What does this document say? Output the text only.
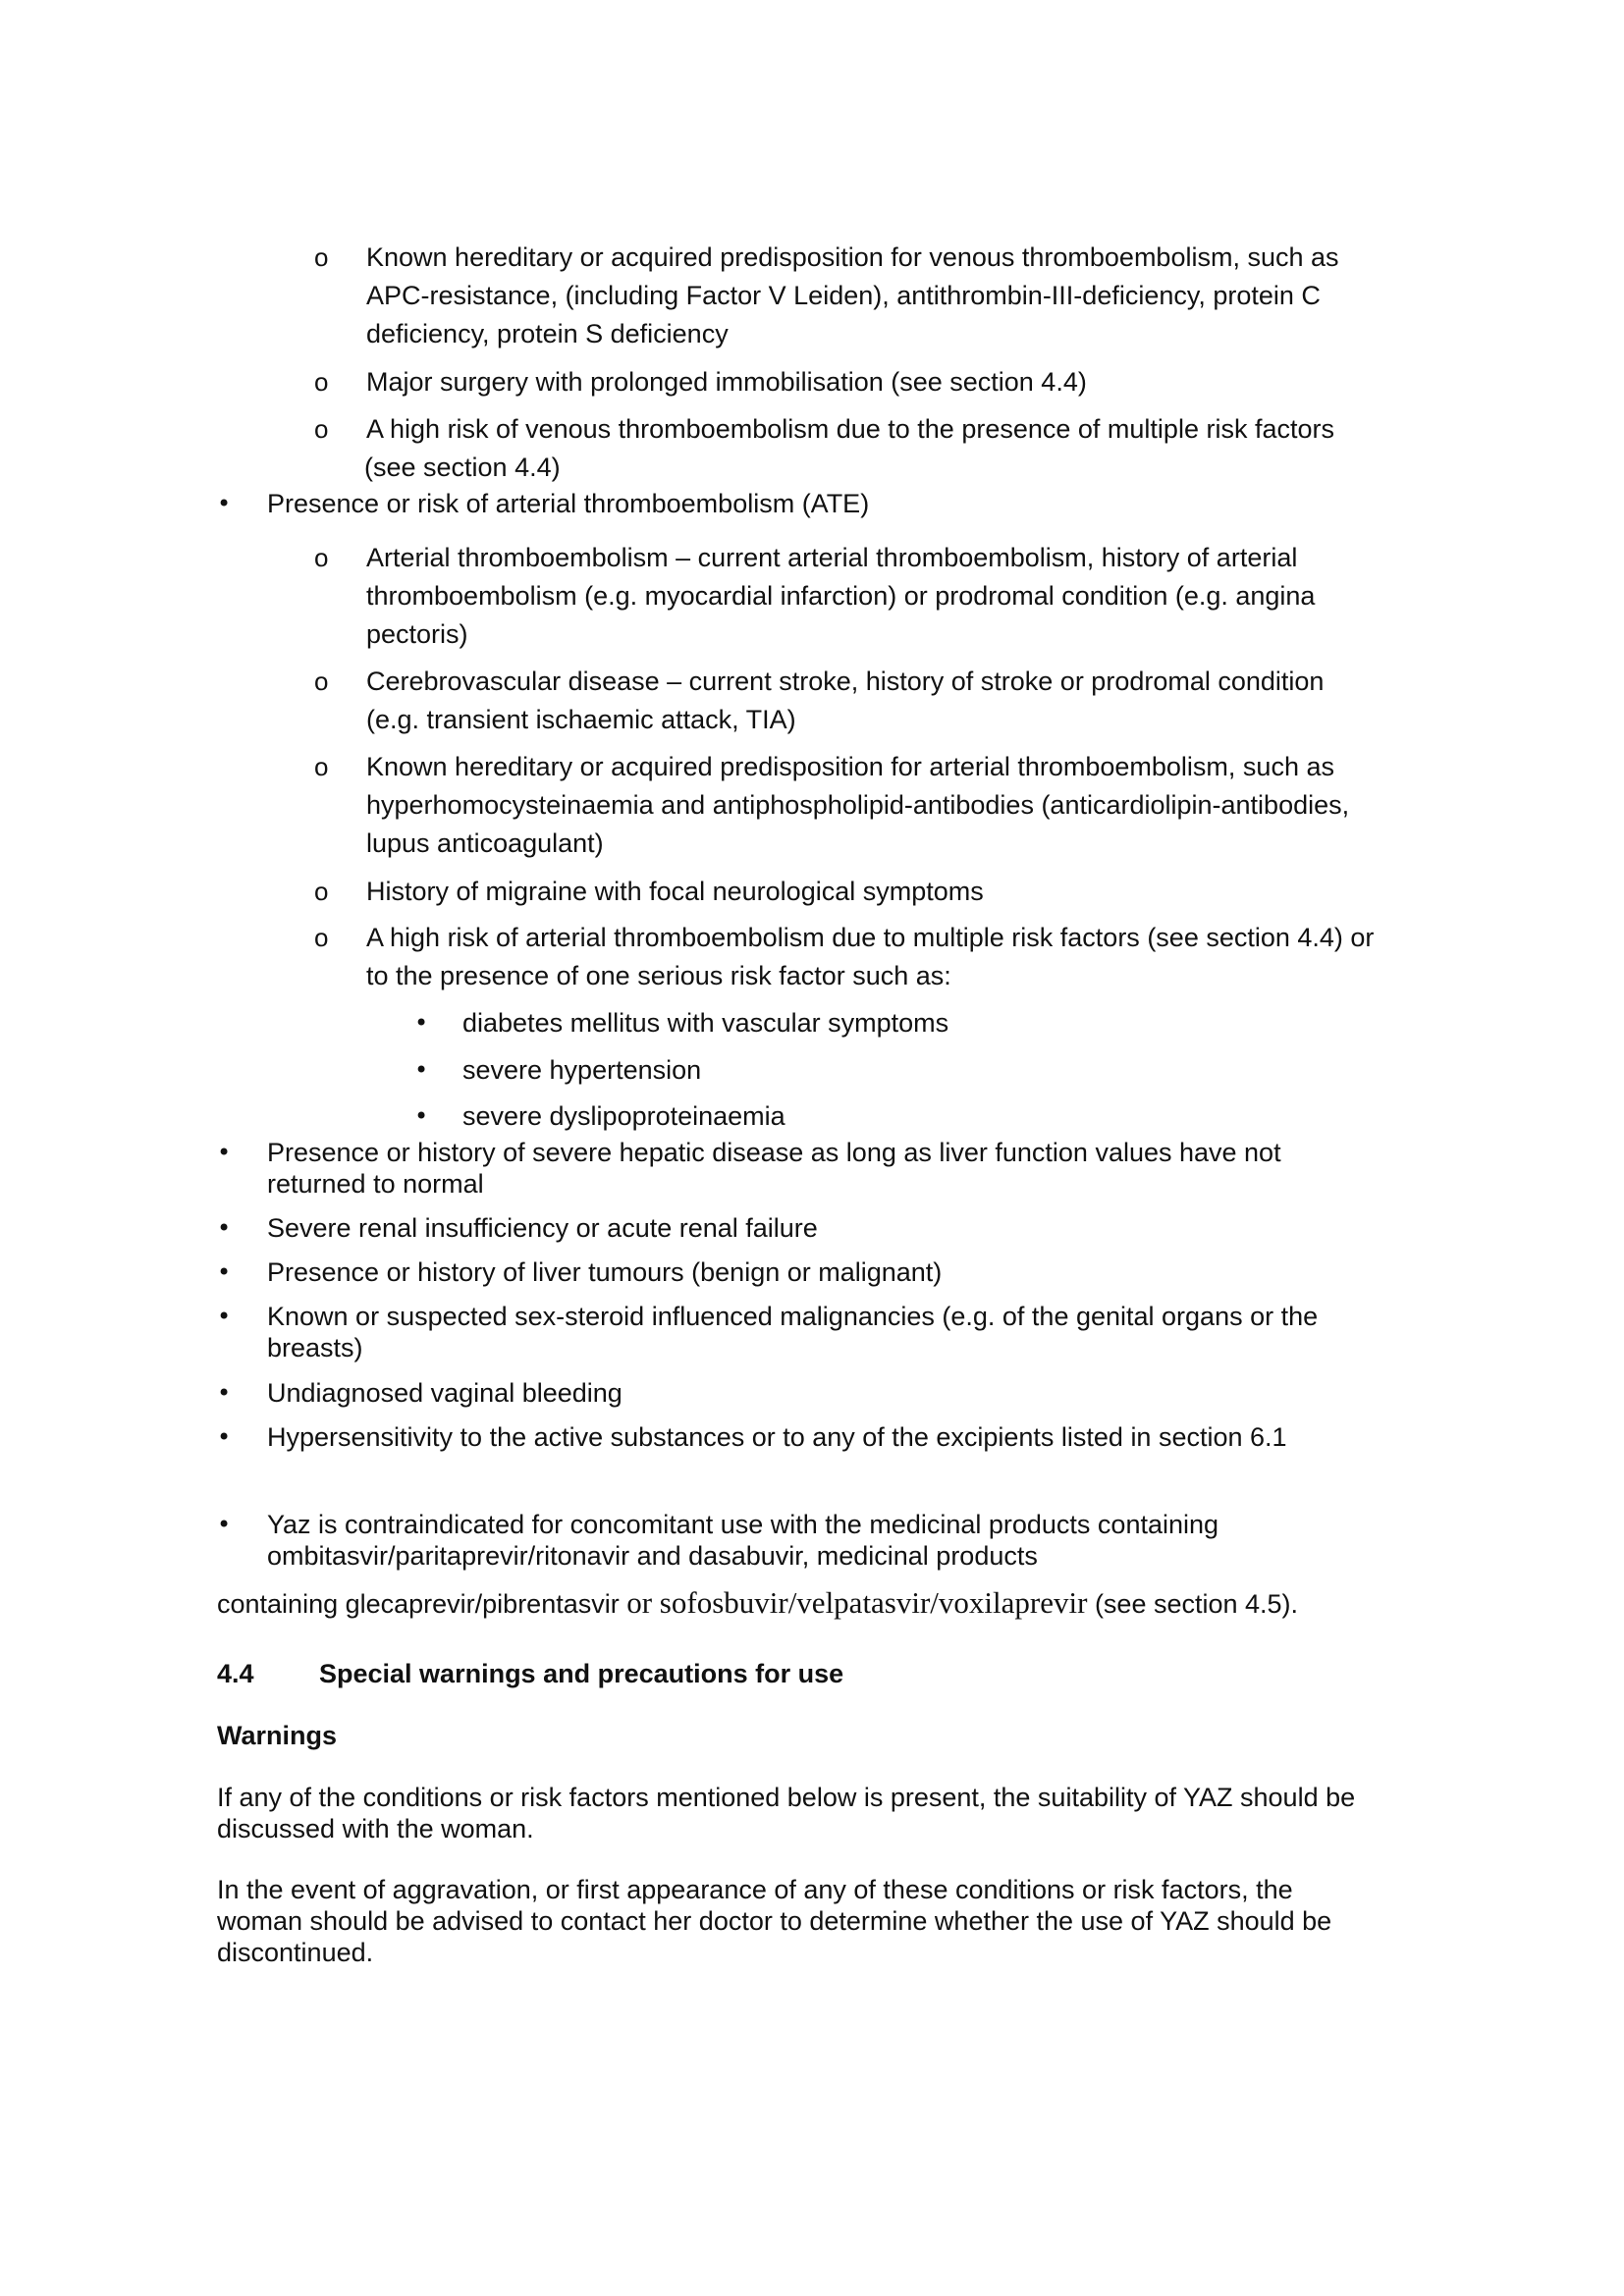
o Known hereditary or acquired predisposition for venous thromboembolism, such as

APC-resistance, (including Factor V Leiden), antithrombin-III-deficiency, protein C

deficiency, protein S deficiency

o Major surgery with prolonged immobilisation (see section 4.4)

o A high risk of venous thromboembolism due to the presence of multiple risk factors

(see section 4.4)

• Presence or risk of arterial thromboembolism (ATE)

o Arterial thromboembolism – current arterial thromboembolism, history of arterial

thromboembolism (e.g. myocardial infarction) or prodromal condition (e.g. angina

pectoris)

o Cerebrovascular disease – current stroke, history of stroke or prodromal condition

(e.g. transient ischaemic attack, TIA)

o Known hereditary or acquired predisposition for arterial thromboembolism, such as

hyperhomocysteinaemia and antiphospholipid-antibodies (anticardiolipin-antibodies,

lupus anticoagulant)

o History of migraine with focal neurological symptoms

o A high risk of arterial thromboembolism due to multiple risk factors (see section 4.4) or

to the presence of one serious risk factor such as:

• diabetes mellitus with vascular symptoms

• severe hypertension

• severe dyslipoproteinaemia

• Presence or history of severe hepatic disease as long as liver function values have not

returned to normal

• Severe renal insufficiency or acute renal failure

• Presence or history of liver tumours (benign or malignant)

• Known or suspected sex-steroid influenced malignancies (e.g. of the genital organs or the

breasts)

• Undiagnosed vaginal bleeding

• Hypersensitivity to the active substances or to any of the excipients listed in section 6.1

• Yaz is contraindicated for concomitant use with the medicinal products containing

ombitasvir/paritaprevir/ritonavir and dasabuvir, medicinal products

containing glecaprevir/pibrentasvir or sofosbuvir/velpatasvir/voxilaprevir (see section 4.5).

4.4 Special warnings and precautions for use

Warnings

If any of the conditions or risk factors mentioned below is present, the suitability of YAZ should be

discussed with the woman.

In the event of aggravation, or first appearance of any of these conditions or risk factors, the

woman should be advised to contact her doctor to determine whether the use of YAZ should be

discontinued.
